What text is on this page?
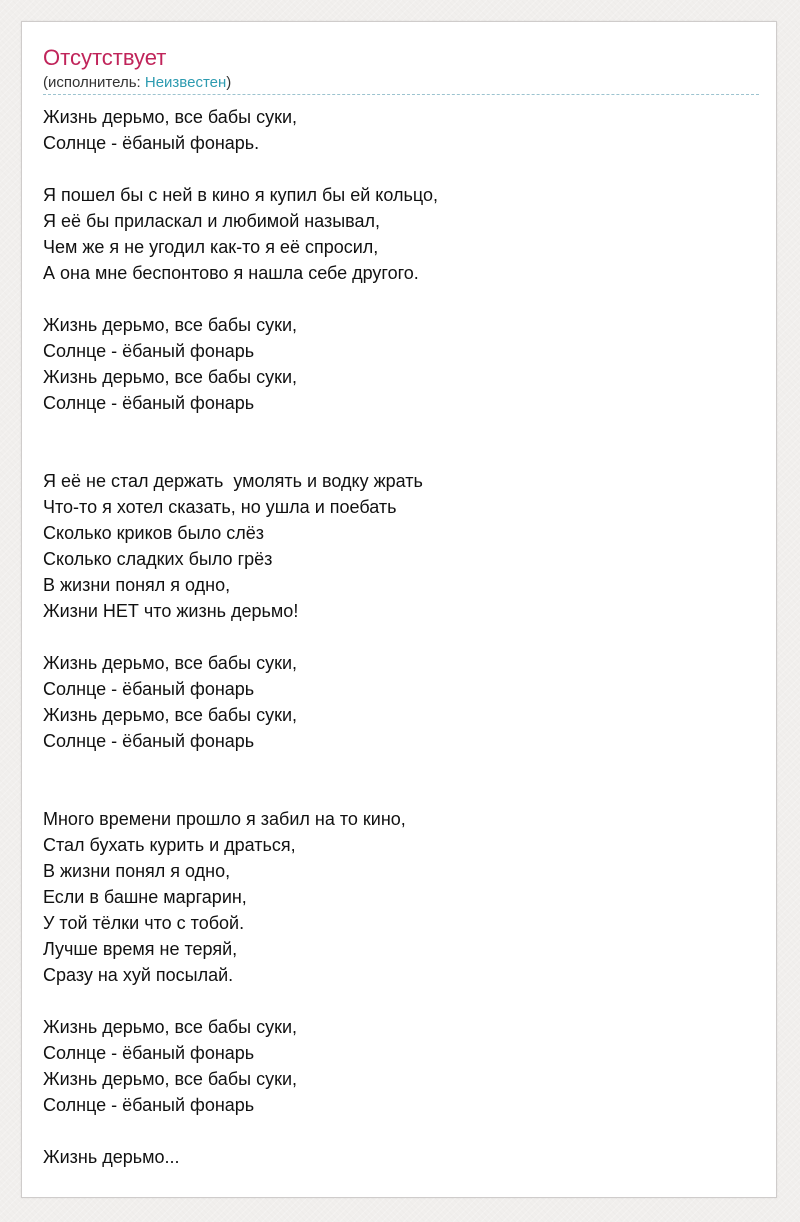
Отсутствует
(исполнитель: Неизвестен)
Жизнь дерьмо, все бабы суки,
Солнце - ёбаный фонарь.
Я пошел бы с ней в кино я купил бы ей кольцо,
Я её бы приласкал и любимой называл,
Чем же я не угодил как-то я её спросил,
А она мне беспонтово я нашла себе другого.
Жизнь дерьмо, все бабы суки,
Солнце - ёбаный фонарь
Жизнь дерьмо, все бабы суки,
Солнце - ёбаный фонарь
Я её не стал держать  умолять и водку жрать
Что-то я хотел сказать, но ушла и поебать
Сколько криков было слёз
Сколько сладких было грёз
В жизни понял я одно,
Жизни НЕТ что жизнь дерьмо!
Жизнь дерьмо, все бабы суки,
Солнце - ёбаный фонарь
Жизнь дерьмо, все бабы суки,
Солнце - ёбаный фонарь
Много времени прошло я забил на то кино,
Стал бухать курить и драться,
В жизни понял я одно,
Если в башне маргарин,
У той тёлки что с тобой.
Лучше время не теряй,
Сразу на хуй посылай.
Жизнь дерьмо, все бабы суки,
Солнце - ёбаный фонарь
Жизнь дерьмо, все бабы суки,
Солнце - ёбаный фонарь
Жизнь дерьмо...
